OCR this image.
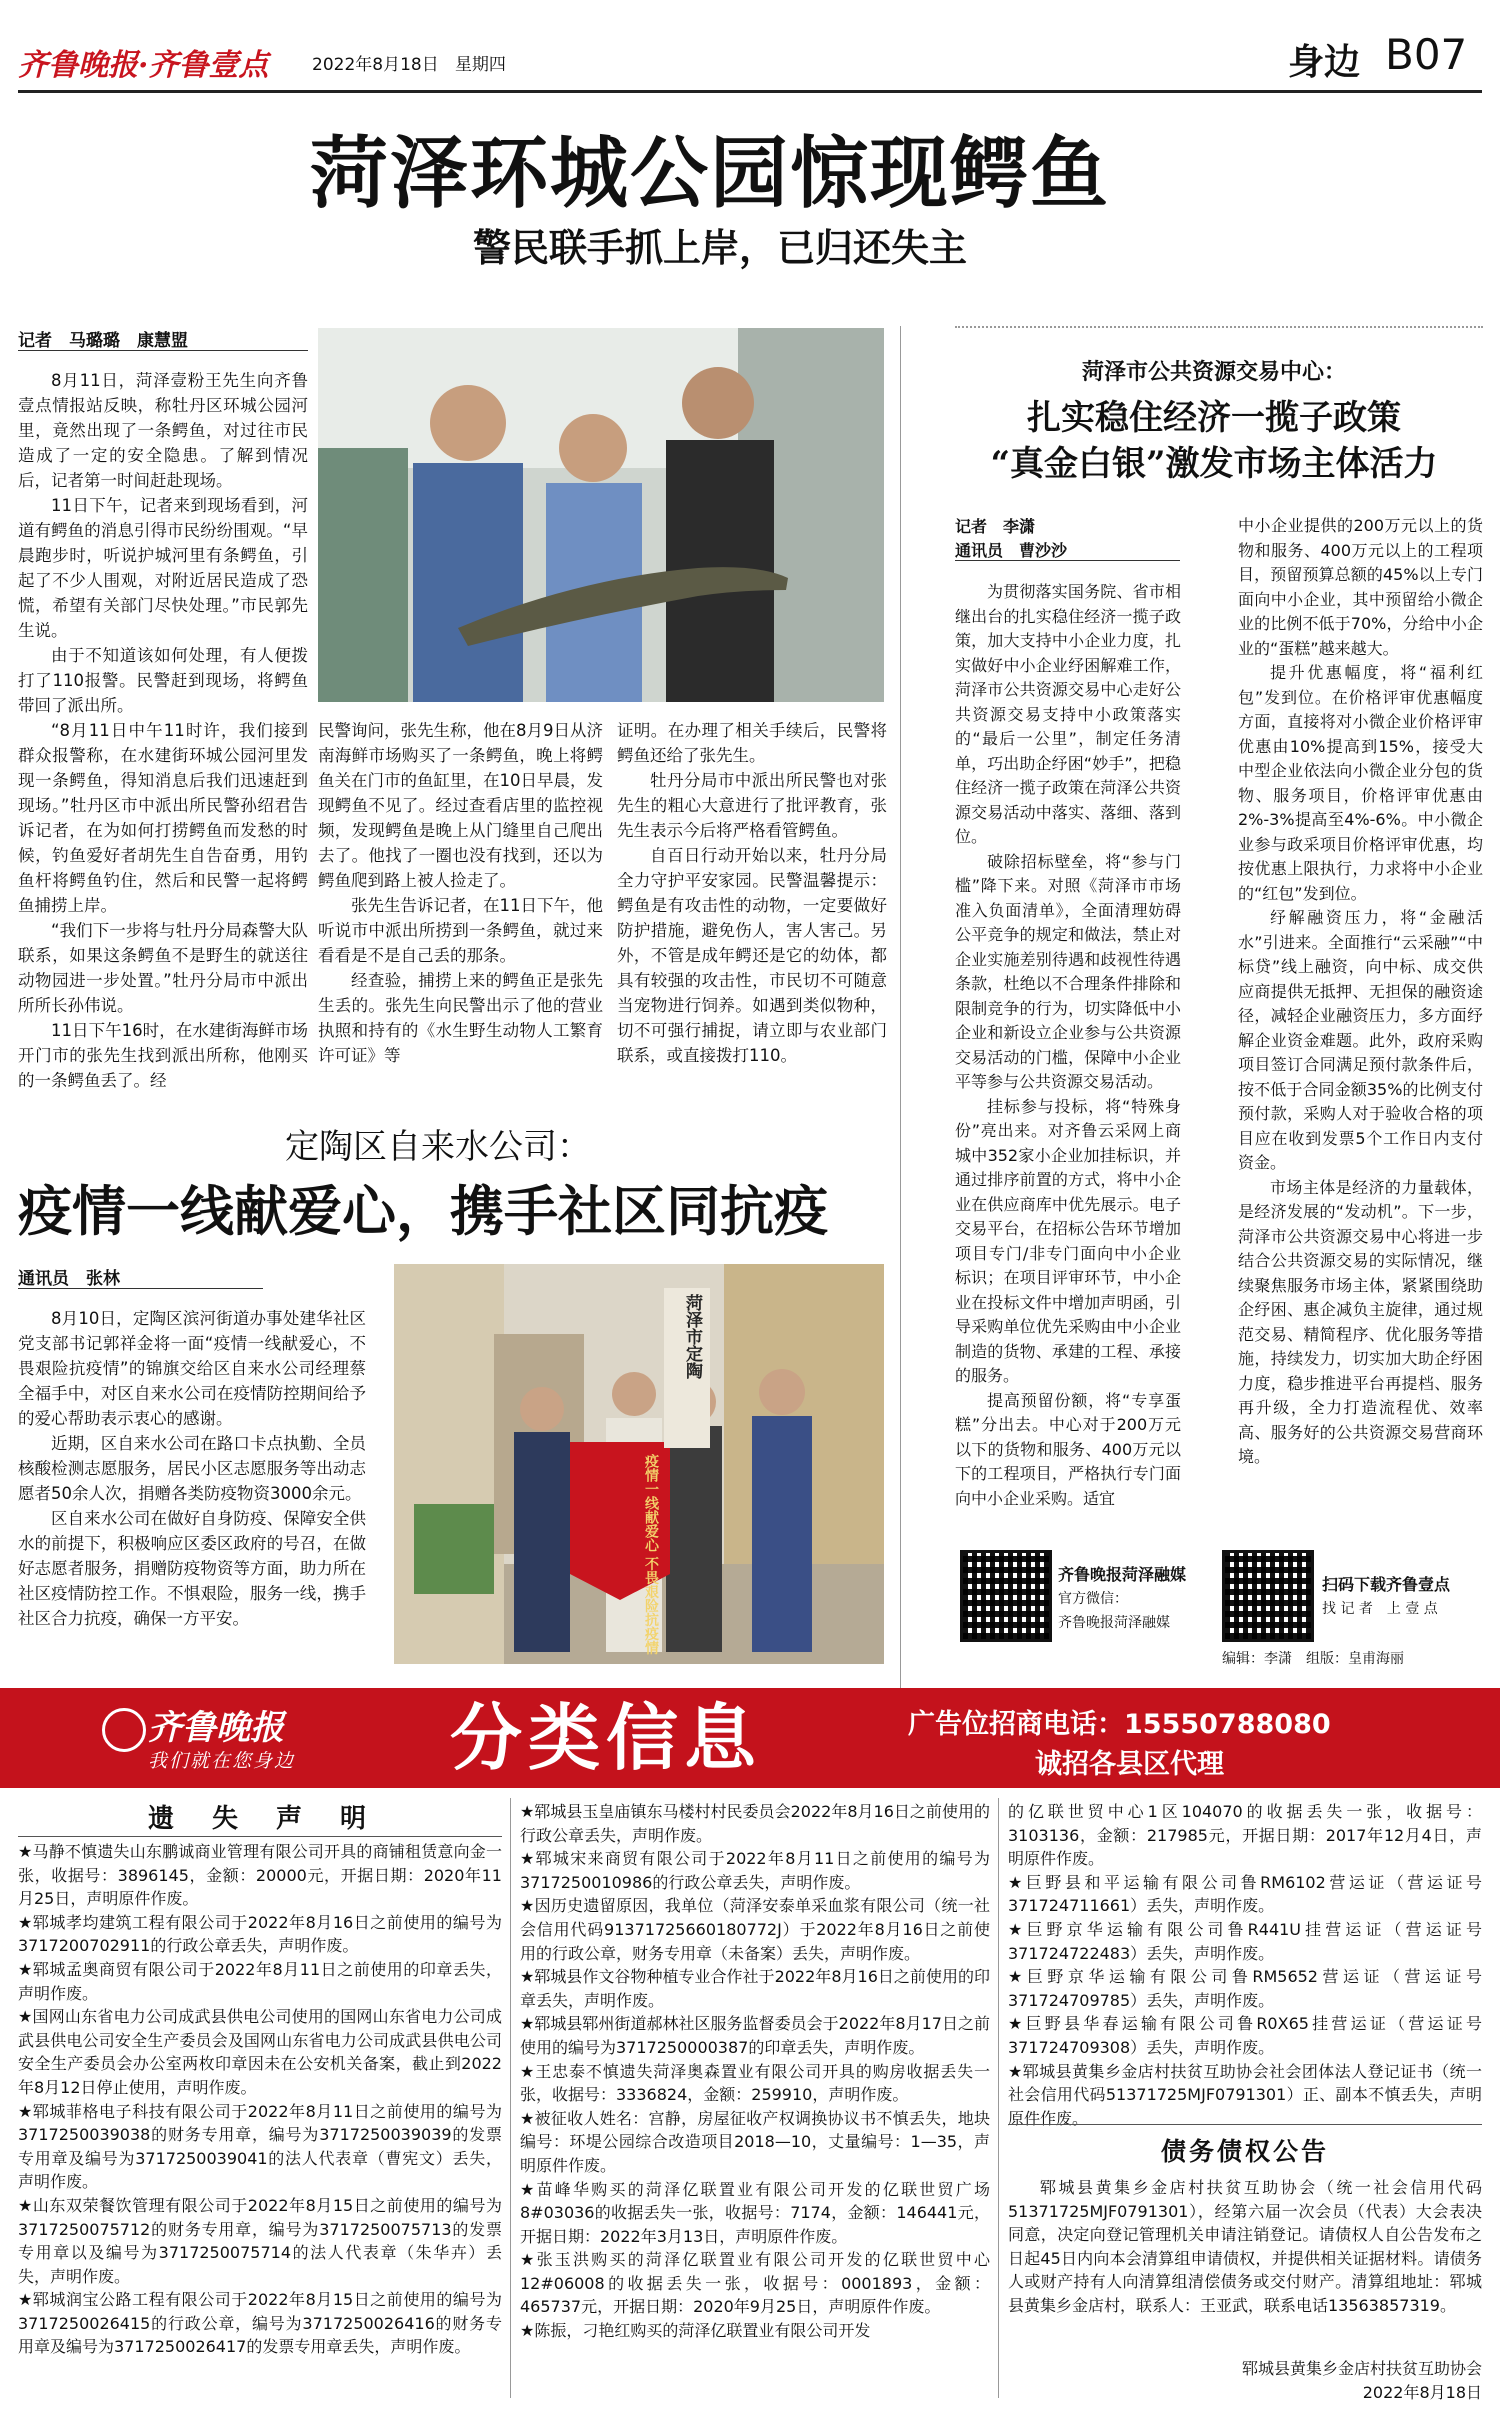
齐鲁晚报·齐鲁壹点	2022年8月18日 星期四	身边 B07
菏泽环城公园惊现鳄鱼
警民联手抓上岸，已归还失主
记者　马璐璐　康慧盟

8月11日，菏泽壹粉王先生向齐鲁壹点情报站反映，称牡丹区环城公园河里，竟然出现了一条鳄鱼，对过往市民造成了一定的安全隐患。了解到情况后，记者第一时间赶赴现场。

11日下午，记者来到现场看到，河道有鳄鱼的消息引得市民纷纷围观。“早晨跑步时，听说护城河里有条鳄鱼，引起了不少人围观，对附近居民造成了恐慌，希望有关部门尽快处理。”市民郭先生说。

由于不知道该如何处理，有人便拨打了110报警。民警赶到现场，将鳄鱼带回了派出所。

“8月11日中午11时许，我们接到群众报警称，在水建街环城公园河里发现一条鳄鱼，得知消息后我们迅速赶到现场。”牡丹区市中派出所民警孙绍君告诉记者，在为如何打捞鳄鱼而发愁的时候，钓鱼爱好者胡先生自告奋勇，用钓鱼杆将鳄鱼钓住，然后和民警一起将鳄鱼捕捞上岸。

“我们下一步将与牡丹分局森警大队联系，如果这条鳄鱼不是野生的就送往动物园进一步处置。”牡丹分局市中派出所所长孙伟说。

11日下午16时，在水建街海鲜市场开门市的张先生找到派出所称，他刚买的一条鳄鱼丢了。经

民警询问，张先生称，他在8月9日从济南海鲜市场购买了一条鳄鱼，晚上将鳄鱼关在门市的鱼缸里，在10日早晨，发现鳄鱼不见了。经过查看店里的监控视频，发现鳄鱼是晚上从门缝里自己爬出去了。他找了一圈也没有找到，还以为鳄鱼爬到路上被人捡走了。

张先生告诉记者，在11日下午，他听说市中派出所捞到一条鳄鱼，就过来看看是不是自己丢的那条。

经查验，捕捞上来的鳄鱼正是张先生丢的。张先生向民警出示了他的营业执照和持有的《水生野生动物人工繁育许可证》等

证明。在办理了相关手续后，民警将鳄鱼还给了张先生。

牡丹分局市中派出所民警也对张先生的粗心大意进行了批评教育，张先生表示今后将严格看管鳄鱼。

自百日行动开始以来，牡丹分局全力守护平安家园。民警温馨提示：鳄鱼是有攻击性的动物，一定要做好防护措施，避免伤人，害人害己。另外，不管是成年鳄还是它的幼体，都具有较强的攻击性，市民切不可随意当宠物进行饲养。如遇到类似物种，切不可强行捕捉，请立即与农业部门联系，或直接拨打110。

定陶区自来水公司：
疫情一线献爱心，携手社区同抗疫
通讯员　张林

8月10日，定陶区滨河街道办事处建华社区党支部书记郭祥金将一面“疫情一线献爱心，不畏艰险抗疫情”的锦旗交给区自来水公司经理蔡全福手中，对区自来水公司在疫情防控期间给予的爱心帮助表示衷心的感谢。

近期，区自来水公司在路口卡点执勤、全员核酸检测志愿服务，居民小区志愿服务等出动志愿者50余人次，捐赠各类防疫物资3000余元。

区自来水公司在做好自身防疫、保障安全供水的前提下，积极响应区委区政府的号召，在做好志愿者服务，捐赠防疫物资等方面，助力所在社区疫情防控工作。不惧艰险，服务一线，携手社区合力抗疫，确保一方平安。	疫情一线献爱心 不畏艰险抗疫情
菏泽市定陶
菏泽市公共资源交易中心：
扎实稳住经济一揽子政策
“真金白银”激发市场主体活力
记者　李潇
通讯员　曹沙沙

为贯彻落实国务院、省市相继出台的扎实稳住经济一揽子政策，加大支持中小企业力度，扎实做好中小企业纾困解难工作，菏泽市公共资源交易中心走好公共资源交易支持中小政策落实的“最后一公里”，制定任务清单，巧出助企纾困“妙手”，把稳住经济一揽子政策在菏泽公共资源交易活动中落实、落细、落到位。

破除招标壁垒，将“参与门槛”降下来。对照《菏泽市市场准入负面清单》，全面清理妨碍公平竞争的规定和做法，禁止对企业实施差别待遇和歧视性待遇条款，杜绝以不合理条件排除和限制竞争的行为，切实降低中小企业和新设立企业参与公共资源交易活动的门槛，保障中小企业平等参与公共资源交易活动。

挂标参与投标，将“特殊身份”亮出来。对齐鲁云采网上商城中352家小企业加挂标识，并通过排序前置的方式，将中小企业在供应商库中优先展示。电子交易平台，在招标公告环节增加项目专门/非专门面向中小企业标识；在项目评审环节，中小企业在投标文件中增加声明函，引导采购单位优先采购由中小企业制造的货物、承建的工程、承接的服务。

提高预留份额，将“专享蛋糕”分出去。中心对于200万元以下的货物和服务、400万元以下的工程项目，严格执行专门面向中小企业采购。适宜

中小企业提供的200万元以上的货物和服务、400万元以上的工程项目，预留预算总额的45%以上专门面向中小企业，其中预留给小微企业的比例不低于70%，分给中小企业的“蛋糕”越来越大。

提升优惠幅度，将“福利红包”发到位。在价格评审优惠幅度方面，直接将对小微企业价格评审优惠由10%提高到15%，接受大中型企业依法向小微企业分包的货物、服务项目，价格评审优惠由2%-3%提高至4%-6%。中小微企业参与政采项目价格评审优惠，均按优惠上限执行，力求将中小企业的“红包”发到位。

纾解融资压力，将“金融活水”引进来。全面推行“云采融”“中标贷”线上融资，向中标、成交供应商提供无抵押、无担保的融资途径，减轻企业融资压力，多方面纾解企业资金难题。此外，政府采购项目签订合同满足预付款条件后，按不低于合同金额35%的比例支付预付款，采购人对于验收合格的项目应在收到发票5个工作日内支付资金。

市场主体是经济的力量载体，是经济发展的“发动机”。下一步，菏泽市公共资源交易中心将进一步结合公共资源交易的实际情况，继续聚焦服务市场主体，紧紧围绕助企纾困、惠企减负主旋律，通过规范交易、精简程序、优化服务等措施，持续发力，切实加大助企纾困力度，稳步推进平台再提档、服务再升级，全力打造流程优、效率高、服务好的公共资源交易营商环境。

齐鲁晚报菏泽融媒
官方微信：
齐鲁晚报菏泽融媒
扫码下载齐鲁壹点
找 记 者　上 壹 点
编辑：李潇　组版：皇甫海丽
齐鲁晚报
我们就在您身边 分类信息	广告位招商电话：15550788080
诚招各县区代理
遗　失　声　明

★马静不慎遗失山东鹏诚商业管理有限公司开具的商铺租赁意向金一张，收据号：3896145，金额：20000元，开据日期：2020年11月25日，声明原件作废。

★郓城孝均建筑工程有限公司于2022年8月16日之前使用的编号为3717200702911的行政公章丢失，声明作废。

★郓城孟奥商贸有限公司于2022年8月11日之前使用的印章丢失，声明作废。

★国网山东省电力公司成武县供电公司使用的国网山东省电力公司成武县供电公司安全生产委员会及国网山东省电力公司成武县供电公司安全生产委员会办公室两枚印章因未在公安机关备案，截止到2022年8月12日停止使用，声明作废。

★郓城菲格电子科技有限公司于2022年8月11日之前使用的编号为3717250039038的财务专用章，编号为3717250039039的发票专用章及编号为3717250039041的法人代表章（曹宪文）丢失，声明作废。

★山东双荣餐饮管理有限公司于2022年8月15日之前使用的编号为3717250075712的财务专用章，编号为3717250075713的发票专用章以及编号为3717250075714的法人代表章（朱华卉）丢失，声明作废。

★郓城润宝公路工程有限公司于2022年8月15日之前使用的编号为3717250026415的行政公章，编号为3717250026416的财务专用章及编号为3717250026417的发票专用章丢失，声明作废。

★郓城县玉皇庙镇东马楼村村民委员会2022年8月16日之前使用的行政公章丢失，声明作废。

★郓城宋来商贸有限公司于2022年8月11日之前使用的编号为3717250010986的行政公章丢失，声明作废。

★因历史遗留原因，我单位（菏泽安泰单采血浆有限公司（统一社会信用代码91371725660180772J）于2022年8月16日之前使用的行政公章，财务专用章（未备案）丢失，声明作废。

★郓城县作文谷物种植专业合作社于2022年8月16日之前使用的印章丢失，声明作废。

★郓城县郓州街道郝林社区服务监督委员会于2022年8月17日之前使用的编号为3717250000387的印章丢失，声明作废。

★王忠泰不慎遗失菏泽奥森置业有限公司开具的购房收据丢失一张，收据号：3336824，金额：259910，声明作废。

★被征收人姓名：宫静，房屋征收产权调换协议书不慎丢失，地块编号：环堤公园综合改造项目2018—10，丈量编号：1—35，声明原件作废。

★苗峰华购买的菏泽亿联置业有限公司开发的亿联世贸广场8#03036的收据丢失一张，收据号：7174，金额：146441元，开据日期：2022年3月13日，声明原件作废。

★张玉洪购买的菏泽亿联置业有限公司开发的亿联世贸中心12#06008的收据丢失一张，收据号：0001893，金额：465737元，开据日期：2020年9月25日，声明原件作废。

★陈振，刁艳红购买的菏泽亿联置业有限公司开发

的亿联世贸中心1区104070的收据丢失一张，收据号：3103136，金额：217985元，开据日期：2017年12月4日，声明原件作废。

★巨野县和平运输有限公司鲁RM6102营运证（营运证号371724711661）丢失，声明作废。

★巨野京华运输有限公司鲁R441U挂营运证（营运证号371724722483）丢失，声明作废。

★巨野京华运输有限公司鲁RM5652营运证（营运证号371724709785）丢失，声明作废。

★巨野县华春运输有限公司鲁R0X65挂营运证（营运证号371724709308）丢失，声明作废。

★郓城县黄集乡金店村扶贫互助协会社会团体法人登记证书（统一社会信用代码51371725MJF0791301）正、副本不慎丢失，声明原件作废。

债务债权公告

郓城县黄集乡金店村扶贫互助协会（统一社会信用代码51371725MJF0791301），经第六届一次会员（代表）大会表决同意，决定向登记管理机关申请注销登记。请债权人自公告发布之日起45日内向本会清算组申请债权，并提供相关证据材料。请债务人或财产持有人向清算组清偿债务或交付财产。清算组地址：郓城县黄集乡金店村，联系人：王亚武，联系电话13563857319。

郓城县黄集乡金店村扶贫互助协会
2022年8月18日
